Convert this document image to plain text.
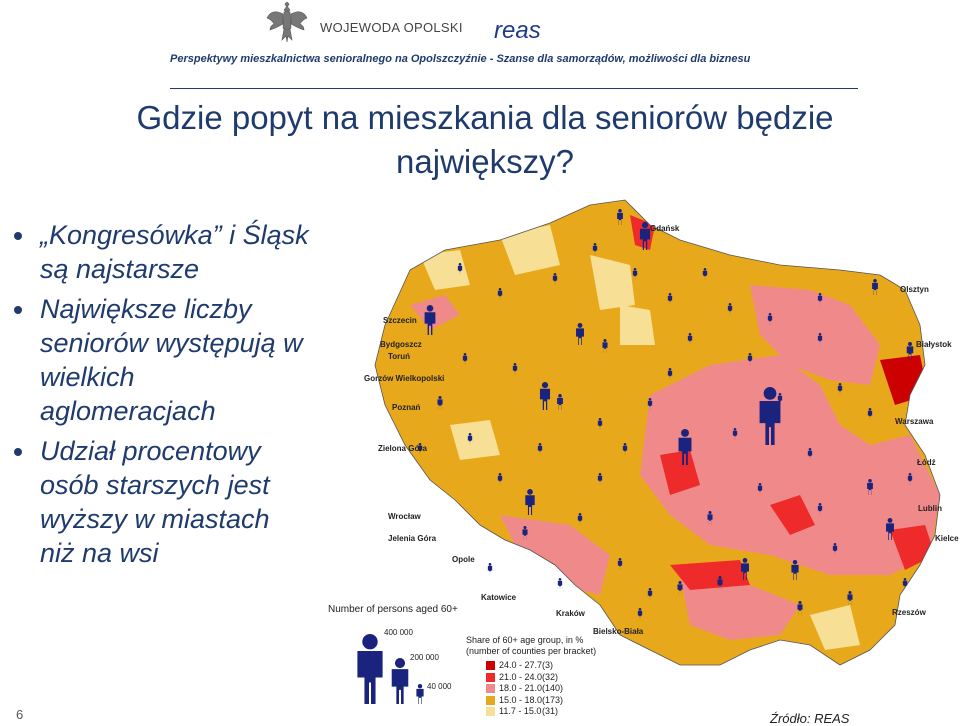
WOJEWODA OPOLSKI reas
Perspektywy mieszkalnictwa senioralnego na Opolszczyźnie - Szanse dla samorządów, możliwości dla biznesu
Gdzie popyt na mieszkania dla seniorów będzie największy?
„Kongresówka” i Śląsk są najstarsze
Największe liczby seniorów występują w wielkich aglomeracjach
Udział procentowy osób starszych jest wyższy w miastach niż na wsi
Gdańsk
Olsztyn
Szczecin
Bydgoszcz
Toruń
Białystok
Gorzów Wielkopolski
Poznań
Warszawa
Zielona Góra
Łódź
Wrocław
Lublin
Jelenia Góra	Kielce
Opole
Katowice
Kraków	Rzeszów
Bielsko-Biała
Number of persons aged 60+
400 000
200 000
40 000
Share of 60+ age group, in %
(number of counties per bracket)
24.0 - 27.7 (3)
21.0 - 24.0 (32)
18.0 - 21.0 (140)
15.0 - 18.0 (173)
11.7 - 15.0 (31)
6	Źródło: REAS
